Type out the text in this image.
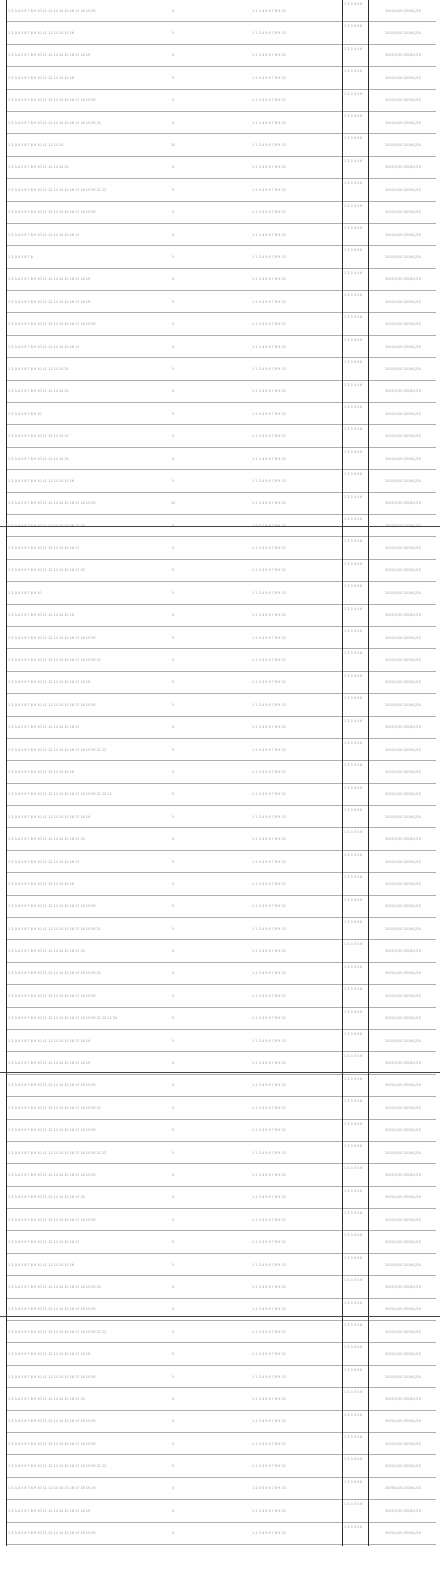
1 2 3-4 5 6 7 8 9 10 11 12 13 14 15 16 17 18 19 20	5	1 2 3 4 5 6 7 8 9 10
1 2 3 4 5 6
2019/1/10 2019/1/10
1 2 3-4 5 6 7 8 9 10 11 12 13 14 15 16	5	1 2 3 4 5 6 7 8 9 10
1 2 3 4 5 6
2019/1/10 2019/1/10
1 2 3-4 5 6 7 8 9 10 11 12 13 14 15 16 17 18 19	5	1 2 3 4 5 6 7 8 9 10
1 2 3 4 5 6
2019/1/10 2019/1/10
1 2 3-4 5 6 7 8 9 10 11 12 13 14 15 16	5	1 2 3 4 5 6 7 8 9 10
1 2 3 4 5 6
2019/1/10 2019/1/10
1 2 3-4 5 6 7 8 9 10 11 12 13 14 15 16 17 18 19 20	5	1 2 3 4 5 6 7 8 9 10
1 2 3 4 5 6
2019/1/10 2019/1/10
1 2 3-4 5 6 7 8 9 10 11 12 13 14 15 16 17 18 19 20 21	5	1 2 3 4 5 6 7 8 9 10
1 2 3 4 5 6
2019/1/10 2019/1/10
1 2 3-4 5 6 7 8 9 10 11 12 13 14	10	1 2 3 4 5 6 7 8 9 10
1 2 3 4 5 6
2019/1/10 2019/1/10
1 2 3-4 5 6 7 8 9 10 11 12 13 14 15	5	1 2 3 4 5 6 7 8 9 10
1 2 3 4 5 6
2019/1/10 2019/1/10
1 2 3-4 5 6 7 8 9 10 11 12 13 14 15 16 17 18 19 20 21 22	5	1 2 3 4 5 6 7 8 9 10
1 2 3 4 5 6
2019/1/10 2019/1/10
1 2 3-4 5 6 7 8 9 10 11 12 13 14 15 16 17 18 19 20	5	1 2 3 4 5 6 7 8 9 10
1 2 3 4 5 6
2019/1/10 2019/1/10
1 2 3-4 5 6 7 8 9 10 11 12 13 14 15 16 17	5	1 2 3 4 5 6 7 8 9 10
1 2 3 4 5 6
2019/1/10 2019/1/10
1 2 3-4 5 6 7 8	5	1 2 3 4 5 6 7 8 9 10
1 2 3 4 5 6
2019/1/10 2019/1/10
1 2 3-4 5 6 7 8 9 10 11 12 13 14 15 16 17 18 19	5	1 2 3 4 5 6 7 8 9 10
1 2 3 4 5 6
2019/1/10 2019/1/10
1 2 3-4 5 6 7 8 9 10 11 12 13 14 15 16 17 18 19	5	1 2 3 4 5 6 7 8 9 10
1 2 3 4 5 6
2019/1/10 2019/1/10
1 2 3-4 5 6 7 8 9 10 11 12 13 14 15 16 17 18 19 20	5	1 2 3 4 5 6 7 8 9 10
1 2 3 4 5 6
2019/1/10 2019/1/10
1 2 3-4 5 6 7 8 9 10 11 12 13 14 15 16 17	5	1 2 3 4 5 6 7 8 9 10
1 2 3 4 5 6
2019/1/10 2019/1/10
1 2 3-4 5 6 7 8 9 10 11 12 13 14 15	5	1 2 3 4 5 6 7 8 9 10
1 2 3 4 5 6
2019/1/10 2019/1/10
1 2 3-4 5 6 7 8 9 10 11 12 13 14 15	5	1 2 3 4 5 6 7 8 9 10
1 2 3 4 5 6
2019/1/10 2019/1/10
1 2 3-4 5 6 7 8 9 10	5	1 2 3 4 5 6 7 8 9 10
1 2 3 4 5 6
2019/1/10 2019/1/10
1 2 3-4 5 6 7 8 9 10 11 12 13 14 15	5	1 2 3 4 5 6 7 8 9 10
1 2 3 4 5 6
2019/1/10 2019/1/10
1 2 3-4 5 6 7 8 9 10 11 12 13 14 15	5	1 2 3 4 5 6 7 8 9 10
1 2 3 4 5 6
2019/1/10 2019/1/10
1 2 3-4 5 6 7 8 9 10 11 12 13 14 15 16	5	1 2 3 4 5 6 7 8 9 10
1 2 3 4 5 6
2019/1/10 2019/1/10
1 2 3-4 5 6 7 8 9 10 11 12 13 14 15 16 17 18 19 20	10	1 2 3 4 5 6 7 8 9 10
1 2 3 4 5 6
2019/1/10 2019/1/10
1 2 3 4 5 6
1 2 3-4 5 6 7 8 9 10 11 12 13 14 15 16 17	5	1 2 3 4 5 6 7 8 9 10
1 2 3 4 5 6
2019/1/10 2019/1/10
1 2 3-4 5 6 7 8 9 10 11 12 13 14 15 16 17 18	5	1 2 3 4 5 6 7 8 9 10
1 2 3 4 5 6
2019/1/10 2019/1/10
1 2 3-4 5 6 7 8 9 10	5	1 2 3 4 5 6 7 8 9 10
1 2 3 4 5 6
2019/1/10 2019/1/10
1 2 3-4 5 6 7 8 9 10 11 12 13 14 15 16	5	1 2 3 4 5 6 7 8 9 10
1 2 3 4 5 6
2019/1/10 2019/1/10
1 2 3-4 5 6 7 8 9 10 11 12 13 14 15 16 17 18 19 20	5	1 2 3 4 5 6 7 8 9 10
1 2 3 4 5 6
2019/1/10 2019/1/10
1 2 3-4 5 6 7 8 9 10 11 12 13 14 15 16 17 18 19 20 21	5	1 2 3 4 5 6 7 8 9 10
1 2 3 4 5 6
2019/1/10 2019/1/10
1 2 3-4 5 6 7 8 9 10 11 12 13 14 15 16 17 18 19	5	1 2 3 4 5 6 7 8 9 10
1 2 3 4 5 6
2019/1/10 2019/1/10
1 2 3-4 5 6 7 8 9 10 11 12 13 14 15 16 17 18 19 20	5	1 2 3 4 5 6 7 8 9 10
1 2 3 4 5 6
2019/1/10 2019/1/10
1 2 3-4 5 6 7 8 9 10 11 12 13 14 15 16 17	5	1 2 3 4 5 6 7 8 9 10
1 2 3 4 5 6
2019/1/10 2019/1/10
1 2 3-4 5 6 7 8 9 10 11 12 13 14 15 16 17 18 19 20 21 22	5	1 2 3 4 5 6 7 8 9 10
1 2 3 4 5 6
2019/1/10 2019/1/10
1 2 3-4 5 6 7 8 9 10 11 12 13 14 15 16	5	1 2 3 4 5 6 7 8 9 10
1 2 3 4 5 6
2019/1/10 2019/1/10
1 2 3-4 5 6 7 8 9 10 11 12 13 14 15 16 17 18 19 20 21 22 23	5	1 2 3 4 5 6 7 8 9 10
1 2 3 4 5 6
2019/1/10 2019/1/10
1 2 3-4 5 6 7 8 9 10 11 12 13 14 15 16 17 18 19	5	1 2 3 4 5 6 7 8 9 10
1 2 3 4 5 6
2019/1/10 2019/1/10
1 2 3-4 5 6 7 8 9 10 11 12 13 14 15 16 17 18	5	1 2 3 4 5 6 7 8 9 10
1 2 3 4 5 6
2019/1/10 2019/1/10
1 2 3-4 5 6 7 8 9 10 11 12 13 14 15 16 17	5	1 2 3 4 5 6 7 8 9 10
1 2 3 4 5 6
2019/1/10 2019/1/10
1 2 3-4 5 6 7 8 9 10 11 12 13 14 15 16	5	1 2 3 4 5 6 7 8 9 10
1 2 3 4 5 6
2019/1/10 2019/1/10
1 2 3-4 5 6 7 8 9 10 11 12 13 14 15 16 17 18 19 20	5	1 2 3 4 5 6 7 8 9 10
1 2 3 4 5 6
2019/1/10 2019/1/10
1 2 3-4 5 6 7 8 9 10 11 12 13 14 15 16 17 18 19 20 21	5	1 2 3 4 5 6 7 8 9 10
1 2 3 4 5 6
2019/1/10 2019/1/10
1 2 3-4 5 6 7 8 9 10 11 12 13 14 15 16 17 18	5	1 2 3 4 5 6 7 8 9 10
1 2 3 4 5 6
2019/1/10 2019/1/10
1 2 3-4 5 6 7 8 9 10 11 12 13 14 15 16 17 18 19 20 21	5	1 2 3 4 5 6 7 8 9 10
1 2 3 4 5 6
2019/1/10 2019/1/10
1 2 3-4 5 6 7 8 9 10 11 12 13 14 15 16 17 18 19 20	5	1 2 3 4 5 6 7 8 9 10
1 2 3 4 5 6
2019/1/10 2019/1/10
1 2 3-4 5 6 7 8 9 10 11 12 13 14 15 16 17 18 19 20 21 22 23 24	5	1 2 3 4 5 6 7 8 9 10
1 2 3 4 5 6
2019/1/10 2019/1/10
1 2 3-4 5 6 7 8 9 10 11 12 13 14 15 16 17 18 19	5	1 2 3 4 5 6 7 8 9 10
1 2 3 4 5 6
2019/1/10 2019/1/10
1 2 3-4 5 6 7 8 9 10 11 12 13 14 15 16 17 18 19	5	1 2 3 4 5 6 7 8 9 10
1 2 3 4 5 6
2019/1/10 2019/1/10
1 2 3-4 5 6 7 8 9 10 11 12 13 14 15 16 17 18 19 20	5	1 2 3 4 5 6 7 8 9 10
1 2 3 4 5 6
2019/1/10 2019/1/10
1 2 3-4 5 6 7 8 9 10 11 12 13 14 15 16 17 18 19 20 21	5	1 2 3 4 5 6 7 8 9 10
1 2 3 4 5 6
2019/1/10 2019/1/10
1 2 3-4 5 6 7 8 9 10 11 12 13 14 15 16 17 18 19 20	5	1 2 3 4 5 6 7 8 9 10
1 2 3 4 5 6
2019/1/10 2019/1/10
1 2 3-4 5 6 7 8 9 10 11 12 13 14 15 16 17 18 19 20 21 22	5	1 2 3 4 5 6 7 8 9 10
1 2 3 4 5 6
2019/1/10 2019/1/10
1 2 3-4 5 6 7 8 9 10 11 12 13 14 15 16 17 18 19 20	5	1 2 3 4 5 6 7 8 9 10
1 2 3 4 5 6
2019/1/10 2019/1/10
1 2 3-4 5 6 7 8 9 10 11 12 13 14 15 16 17 18	5	1 2 3 4 5 6 7 8 9 10
1 2 3 4 5 6
2019/1/10 2019/1/10
1 2 3-4 5 6 7 8 9 10 11 12 13 14 15 16 17 18 19 20	5	1 2 3 4 5 6 7 8 9 10
1 2 3 4 5 6
2019/1/10 2019/1/10
1 2 3-4 5 6 7 8 9 10 11 12 13 14 15 16 17	5	1 2 3 4 5 6 7 8 9 10
1 2 3 4 5 6
2019/1/10 2019/1/10
1 2 3-4 5 6 7 8 9 10 11 12 13 14 15 16	5	1 2 3 4 5 6 7 8 9 10
1 2 3 4 5 6
2019/1/10 2019/1/10
1 2 3-4 5 6 7 8 9 10 11 12 13 14 15 16 17 18 19 20 21	5	1 2 3 4 5 6 7 8 9 10
1 2 3 4 5 6
2019/1/10 2019/1/10
1 2 3-4 5 6 7 8 9 10 11 12 13 14 15 16 17 18 19 20	5	1 2 3 4 5 6 7 8 9 10
1 2 3 4 5 6
2019/1/10 2019/1/10
1 2 3-4 5 6 7 8 9 10 11 12 13 14 15 16 17 18 19 20 21 22	5	1 2 3 4 5 6 7 8 9 10
1 2 3 4 5 6
2019/1/10 2019/1/10
1 2 3-4 5 6 7 8 9 10 11 12 13 14 15 16 17 18 19	5	1 2 3 4 5 6 7 8 9 10
1 2 3 4 5 6
2019/1/10 2019/1/10
1 2 3-4 5 6 7 8 9 10 11 12 13 14 15 16 17 18 19 20	5	1 2 3 4 5 6 7 8 9 10
1 2 3 4 5 6
2019/1/10 2019/1/10
1 2 3-4 5 6 7 8 9 10 11 12 13 14 15 16 17 18	5	1 2 3 4 5 6 7 8 9 10
1 2 3 4 5 6
2019/1/10 2019/1/10
1 2 3-4 5 6 7 8 9 10 11 12 13 14 15 16 17 18 19 20	5	1 2 3 4 5 6 7 8 9 10
1 2 3 4 5 6
2019/1/10 2019/1/10
1 2 3-4 5 6 7 8 9 10 11 12 13 14 15 16 17 18 19 20	5	1 2 3 4 5 6 7 8 9 10
1 2 3 4 5 6
2019/1/10 2019/1/10
1 2 3-4 5 6 7 8 9 10 11 12 13 14 15 16 17 18 19 20 21 22	5	1 2 3 4 5 6 7 8 9 10
1 2 3 4 5 6
2019/1/10 2019/1/10
1 2 3-4 5 6 7 8 9 10 11 12 13 14 15 16 17 18 19 20	5	1 2 3 4 5 6 7 8 9 10
1 2 3 4 5 6
2019/1/10 2019/1/10
1 2 3-4 5 6 7 8 9 10 11 12 13 14 15 16 17 18 19	5	1 2 3 4 5 6 7 8 9 10
1 2 3 4 5 6
2019/1/10 2019/1/10
1 2 3-4 5 6 7 8 9 10 11 12 13 14 15 16 17 18 19 20	5	1 2 3 4 5 6 7 8 9 10
1 2 3 4 5 6
2019/1/10 2019/1/10
